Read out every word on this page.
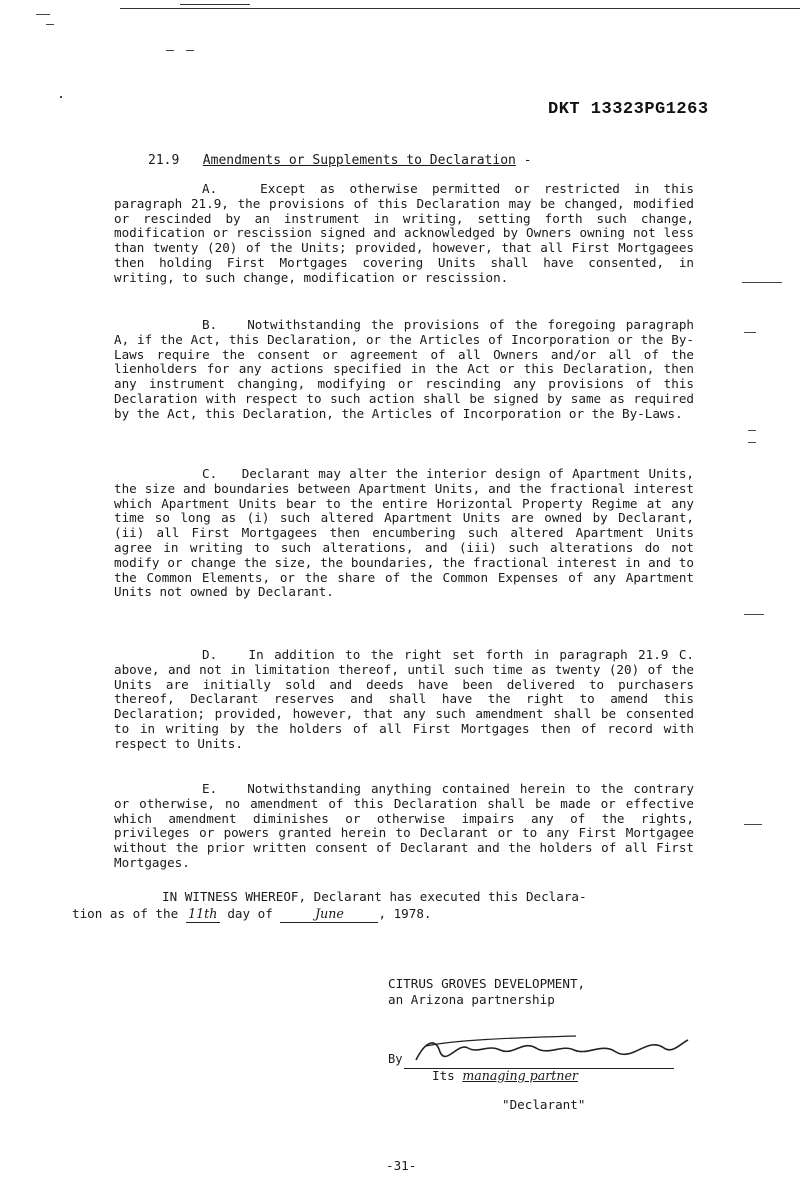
DKT 13323PG1263
21.9 Amendments or Supplements to Declaration -

A.	Except as otherwise permitted or restricted in this paragraph 21.9, the provisions of this Declaration may be changed, modified or rescinded by an instrument in writing, setting forth such change, modification or rescission signed and acknowledged by Owners owning not less than twenty (20) of the Units; provided, however, that all First Mortgagees then holding First Mortgages covering Units shall have consented, in writing, to such change, modification or rescission.

B. Notwithstanding the provisions of the foregoing paragraph A, if the Act, this Declaration, or the Articles of Incorporation or the By-Laws require the consent or agreement of all Owners and/or all of the lienholders for any actions specified in the Act or this Declaration, then any instrument changing, modifying or rescinding any provisions of this Declaration with respect to such action shall be signed by same as required by the Act, this Declaration, the Articles of Incorporation or the By-Laws.

C. Declarant may alter the interior design of Apartment Units, the size and boundaries between Apartment Units, and the fractional interest which Apartment Units bear to the entire Horizontal Property Regime at any time so long as (i) such altered Apartment Units are owned by Declarant, (ii) all First Mortgagees then encumbering such altered Apartment Units agree in writing to such alterations, and (iii) such alterations do not modify or change the size, the boundaries, the fractional interest in and to the Common Elements, or the share of the Common Expenses of any Apartment Units not owned by Declarant.

D. In addition to the right set forth in paragraph 21.9 C. above, and not in limitation thereof, until such time as twenty (20) of the Units are initially sold and deeds have been delivered to purchasers thereof, Declarant reserves and shall have the right to amend this Declaration; provided, however, that any such amendment shall be consented to in writing by the holders of all First Mortgages then of record with respect to Units.

E. Notwithstanding anything contained herein to the contrary or otherwise, no amendment of this Declaration shall be made or effective which amendment diminishes or otherwise impairs any of the rights, privileges or powers granted herein to Declarant or to any First Mortgagee without the prior written consent of Declarant and the holders of all First Mortgages.

IN WITNESS WHEREOF, Declarant has executed this Declara-
tion as of the 11th day of	June	, 1978.

CITRUS GROVES DEVELOPMENT,
an Arizona partnership
By
Its managing partner
"Declarant"
-31-
